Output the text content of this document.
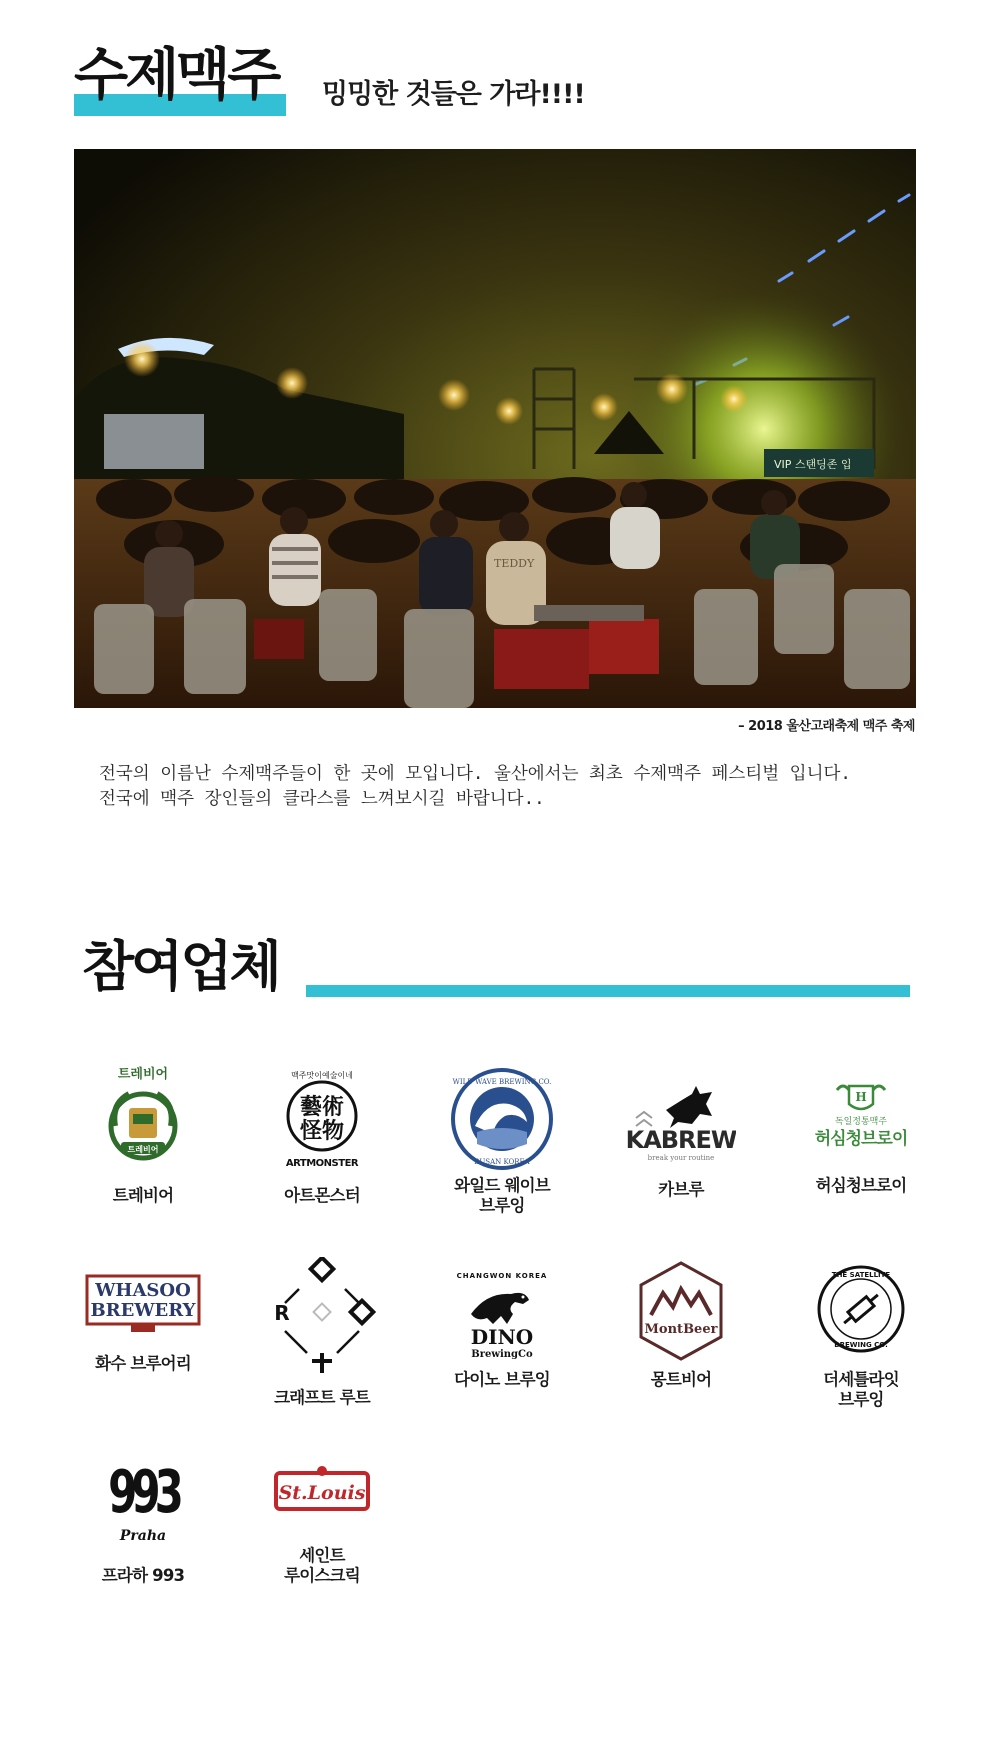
수제맥주 밍밍한 것들은 가라!!!!
VIP 스탠딩존 입
TEDDY
– 2018 울산고래축제 맥주 축제

전국의 이름난 수제맥주들이 한 곳에 모입니다. 울산에서는 최초 수제맥주 페스티벌 입니다.

전국에 맥주 장인들의 클라스를 느껴보시길 바랍니다..

참여업체
트레비어
트레비어
트레비어
맥주맛이예술이네
藝術
怪物
ARTMONSTER
아트몬스터
WILD WAVE BREWING CO.
BUSAN KOREA
와일드 웨이브
브루잉
KABREW
break your routine
카브루
H
독일정통맥주
허심청브로이
허심청브로이
WHASOO
BREWERY
화수 브루어리
R
크래프트 루트
CHANGWON KOREA
DINO
BrewingCo
다이노 브루잉
MontBeer
몽트비어
THE SATELLITE
BREWING CO.
더세틀라잇
브루잉
993
Praha
프라하 993
St.Louis
세인트
루이스크릭
